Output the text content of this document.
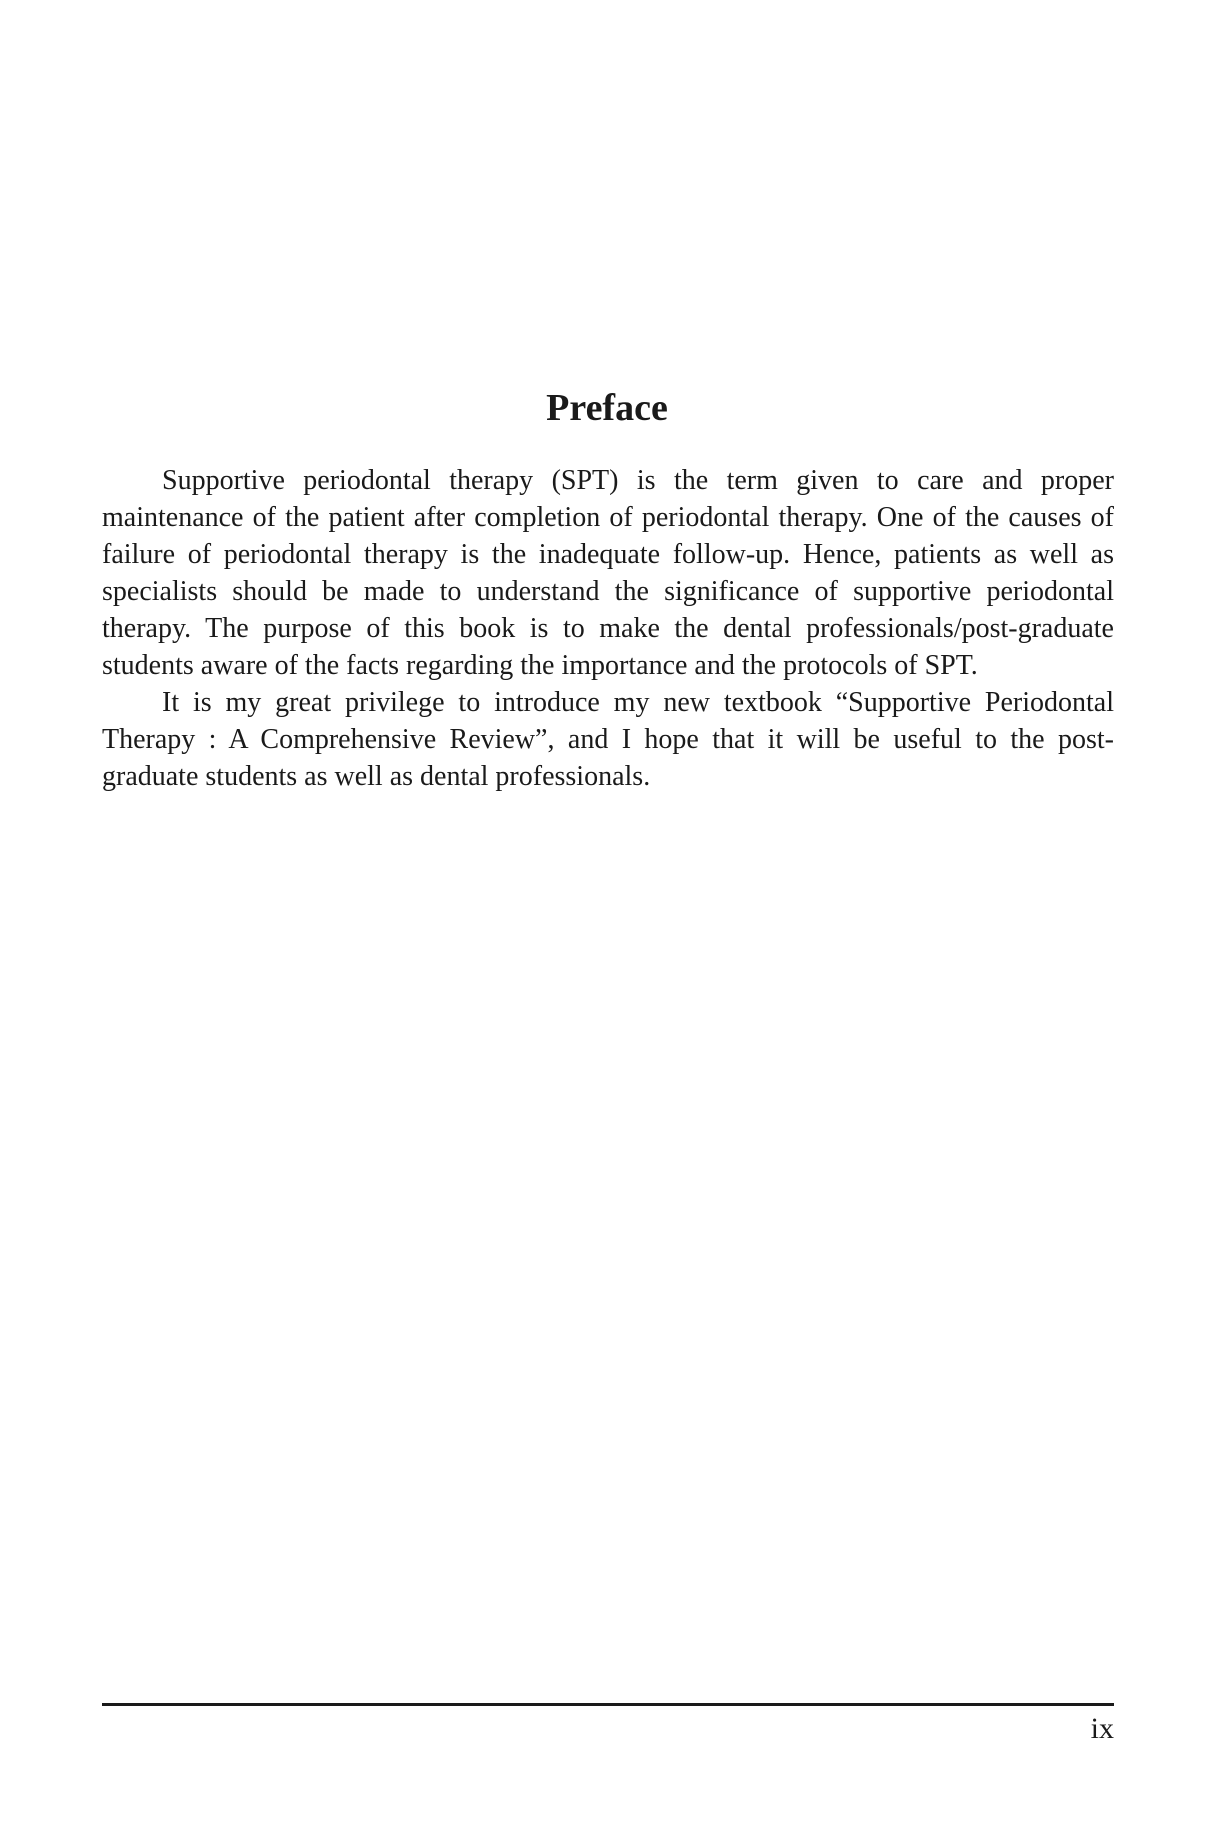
Preface

Supportive periodontal therapy (SPT) is the term given to care and proper maintenance of the patient after completion of periodontal therapy. One of the causes of failure of periodontal therapy is the inadequate follow-up. Hence, patients as well as specialists should be made to understand the significance of supportive periodontal therapy. The purpose of this book is to make the dental professionals/post-graduate students aware of the facts regarding the importance and the protocols of SPT.

It is my great privilege to introduce my new textbook “Supportive Periodontal Therapy : A Comprehensive Review”, and I hope that it will be useful to the post-graduate students as well as dental professionals.

ix
